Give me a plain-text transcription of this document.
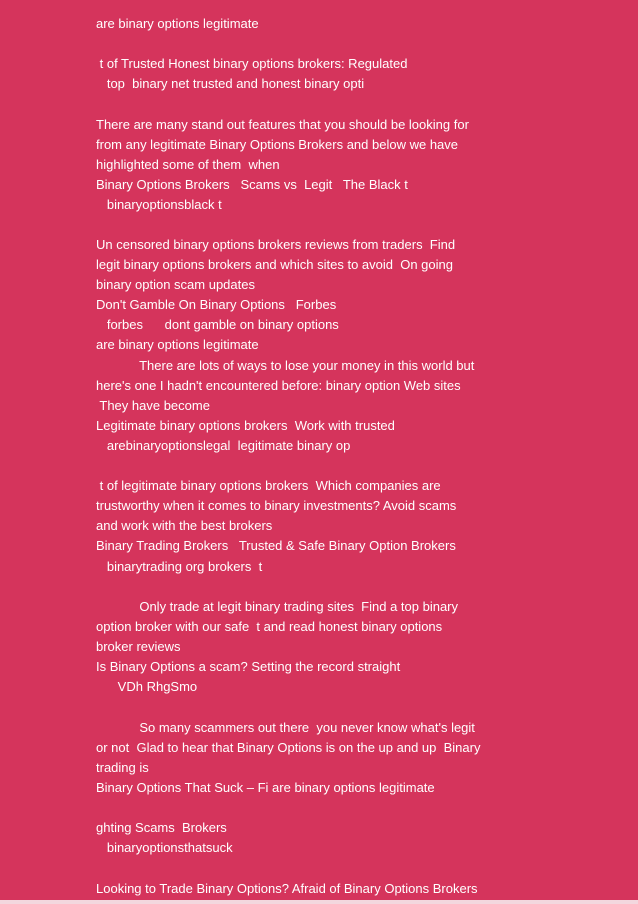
are binary options legitimate

t of Trusted Honest binary options brokers: Regulated

top  binary net trusted and honest binary opti

There are many stand out features that you should be looking for

from any legitimate Binary Options Brokers and below we have

highlighted some of them  when

Binary Options Brokers   Scams vs  Legit   The Black t

binaryoptionsblack t

Un censored binary options brokers reviews from traders  Find

legit binary options brokers and which sites to avoid  On going

binary option scam updates

Don't Gamble On Binary Options   Forbes

forbes      dont gamble on binary options

are binary options legitimate

There are lots of ways to lose your money in this world but

here's one I hadn't encountered before: binary option Web sites

They have become

Legitimate binary options brokers  Work with trusted

arebinaryoptionslegal  legitimate binary op

t of legitimate binary options brokers  Which companies are

trustworthy when it comes to binary investments? Avoid scams

and work with the best brokers

Binary Trading Brokers   Trusted & Safe Binary Option Brokers

binarytrading org brokers  t

Only trade at legit binary trading sites  Find a top binary

option broker with our safe  t and read honest binary options

broker reviews

Is Binary Options a scam? Setting the record straight

VDh RhgSmo

So many scammers out there  you never know what's legit

or not  Glad to hear that Binary Options is on the up and up  Binary

trading is

Binary Options That Suck – Fi are binary options legitimate

ghting Scams  Brokers

binaryoptionsthatsuck

Looking to Trade Binary Options? Afraid of Binary Options Brokers
